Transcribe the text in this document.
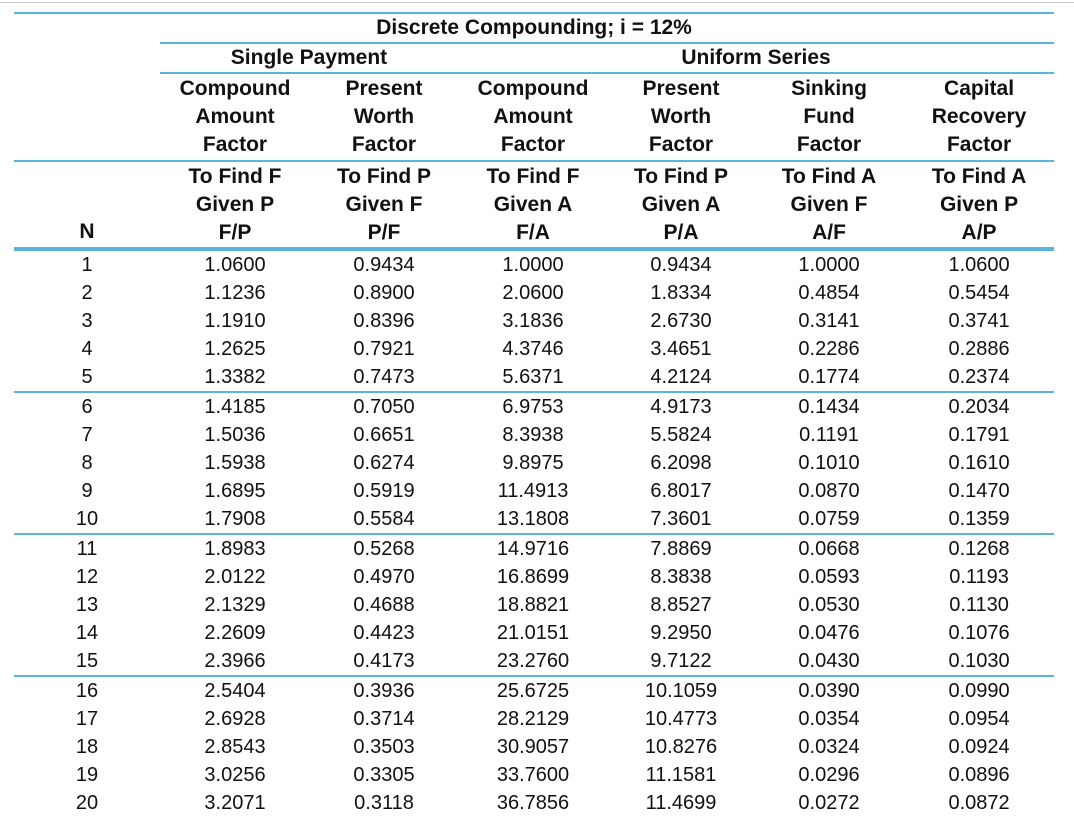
Discrete Compounding; i = 12%						
	Single Payment		Uniform Series			

	Compound
Amount
Factor	Present
Worth
Factor	Compound
Amount
Factor	Present
Worth
Factor	Sinking
Fund
Factor	Capital
Recovery
Factor

N	To Find F
Given P
F/P	To Find P
Given F
P/F	To Find F
Given A
F/A	To Find P
Given A
P/A	To Find A
Given F
A/F	To Find A
Given P
A/P

1	1.0600	0.9434	1.0000	0.9434	1.0000	1.0600
2	1.1236	0.8900	2.0600	1.8334	0.4854	0.5454
3	1.1910	0.8396	3.1836	2.6730	0.3141	0.3741
4	1.2625	0.7921	4.3746	3.4651	0.2286	0.2886
5	1.3382	0.7473	5.6371	4.2124	0.1774	0.2374
6	1.4185	0.7050	6.9753	4.9173	0.1434	0.2034
7	1.5036	0.6651	8.3938	5.5824	0.1191	0.1791
8	1.5938	0.6274	9.8975	6.2098	0.1010	0.1610
9	1.6895	0.5919	11.4913	6.8017	0.0870	0.1470
10	1.7908	0.5584	13.1808	7.3601	0.0759	0.1359
11	1.8983	0.5268	14.9716	7.8869	0.0668	0.1268
12	2.0122	0.4970	16.8699	8.3838	0.0593	0.1193
13	2.1329	0.4688	18.8821	8.8527	0.0530	0.1130
14	2.2609	0.4423	21.0151	9.2950	0.0476	0.1076
15	2.3966	0.4173	23.2760	9.7122	0.0430	0.1030
16	2.5404	0.3936	25.6725	10.1059	0.0390	0.0990
17	2.6928	0.3714	28.2129	10.4773	0.0354	0.0954
18	2.8543	0.3503	30.9057	10.8276	0.0324	0.0924
19	3.0256	0.3305	33.7600	11.1581	0.0296	0.0896
20	3.2071	0.3118	36.7856	11.4699	0.0272	0.0872
